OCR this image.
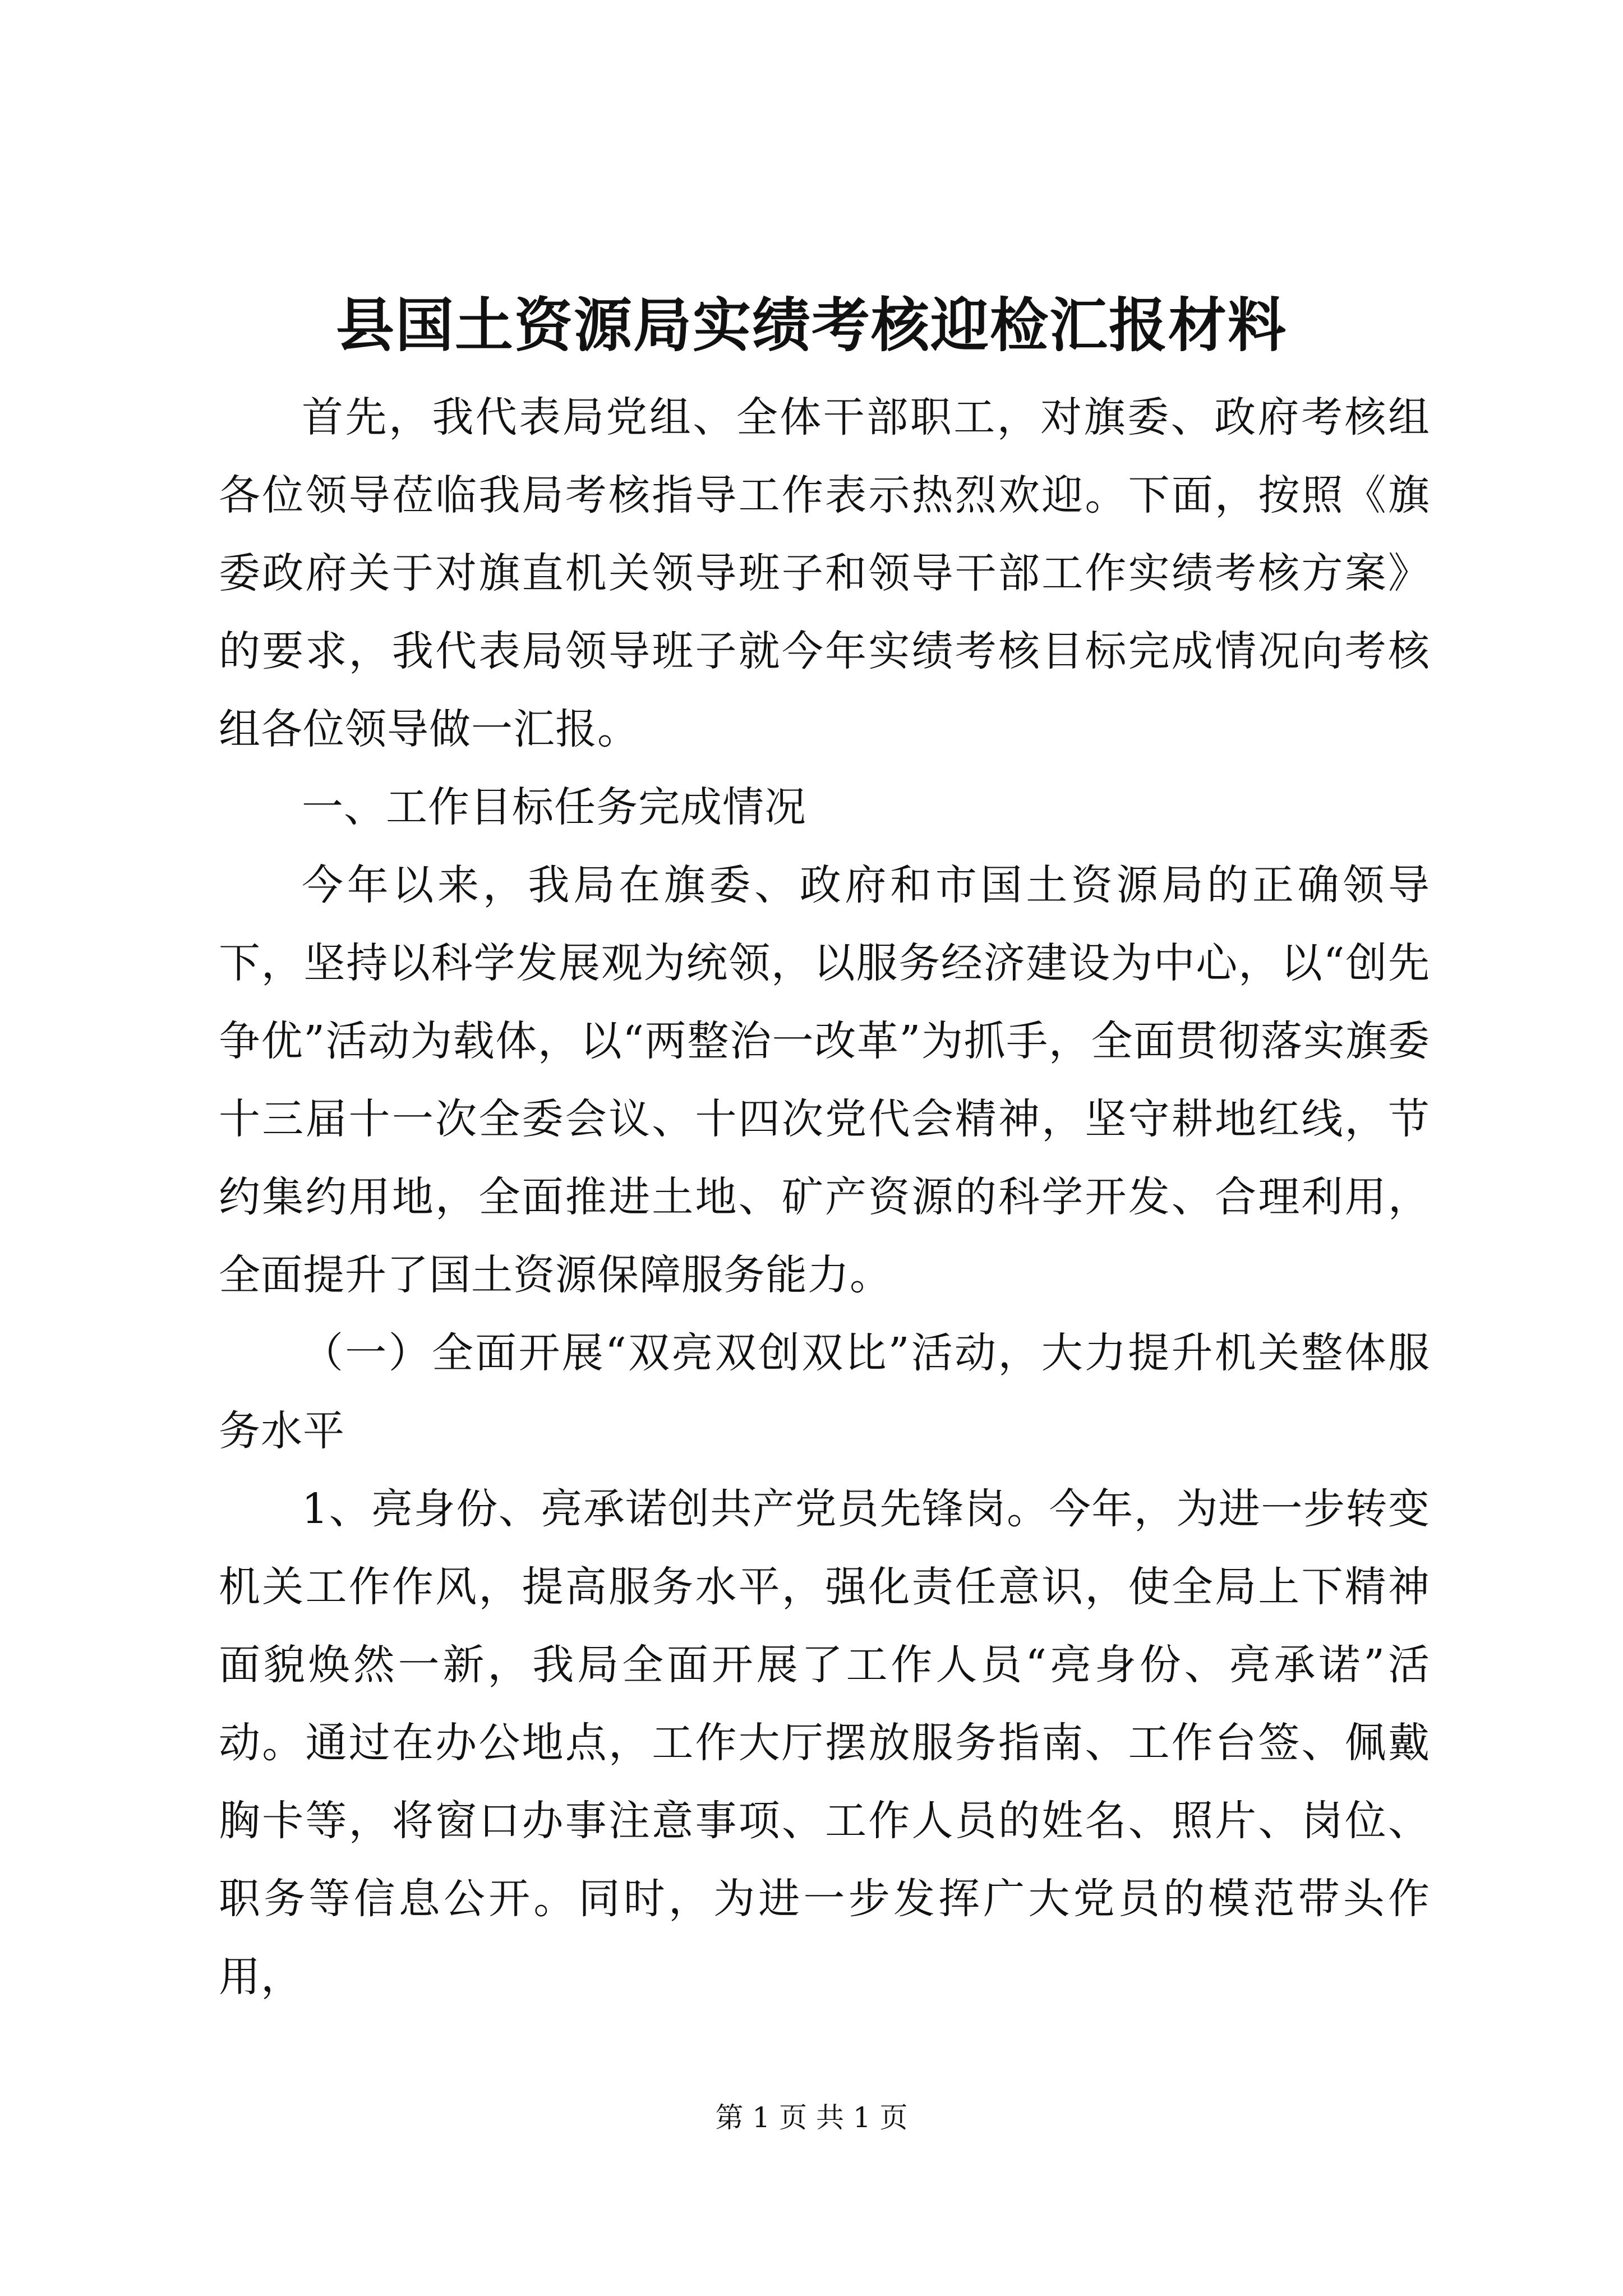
县国土资源局实绩考核迎检汇报材料

首先，我代表局党组、全体干部职工，对旗委、政府考核组各位领导莅临我局考核指导工作表示热烈欢迎。下面，按照《旗委政府关于对旗直机关领导班子和领导干部工作实绩考核方案》的要求，我代表局领导班子就今年实绩考核目标完成情况向考核组各位领导做一汇报。

一、工作目标任务完成情况

今年以来，我局在旗委、政府和市国土资源局的正确领导下，坚持以科学发展观为统领，以服务经济建设为中心，以“创先争优”活动为载体，以“两整治一改革”为抓手，全面贯彻落实旗委十三届十一次全委会议、十四次党代会精神，坚守耕地红线，节约集约用地，全面推进土地、矿产资源的科学开发、合理利用，全面提升了国土资源保障服务能力。

（一）全面开展“双亮双创双比”活动，大力提升机关整体服务水平

1、亮身份、亮承诺创共产党员先锋岗。今年，为进一步转变机关工作作风，提高服务水平，强化责任意识，使全局上下精神面貌焕然一新，我局全面开展了工作人员“亮身份、亮承诺”活动。通过在办公地点，工作大厅摆放服务指南、工作台签、佩戴胸卡等，将窗口办事注意事项、工作人员的姓名、照片、岗位、职务等信息公开。同时，为进一步发挥广大党员的模范带头作用，

第 1 页 共 1 页
